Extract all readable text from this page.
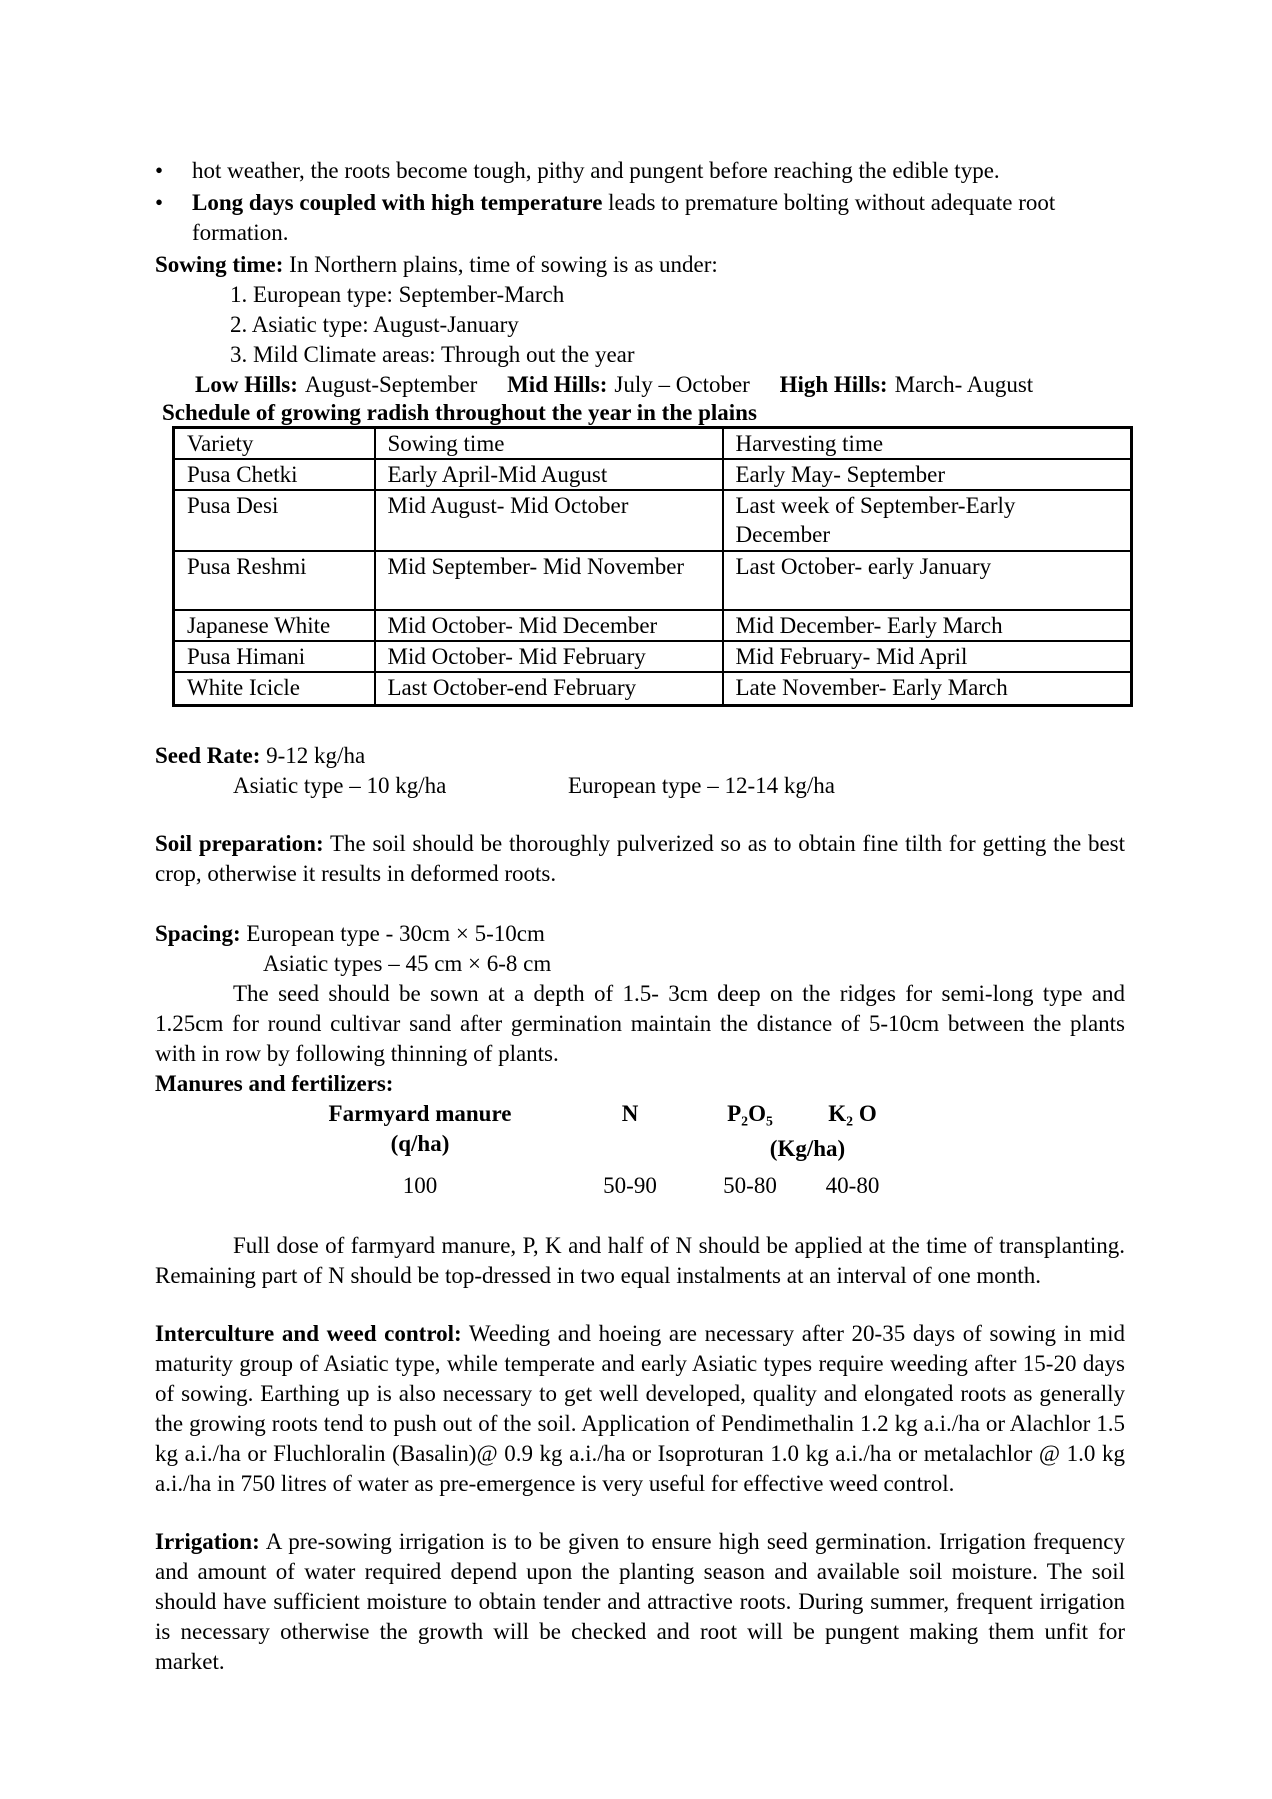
•	hot weather, the roots become tough, pithy and pungent before reaching the edible type.
•	Long days coupled with high temperature leads to premature bolting without adequate root formation.
Sowing time: In Northern plains, time of sowing is as under:
1. European type: September-March
2. Asiatic type: August-January
3. Mild Climate areas: Through out the year
Low Hills: August-September Mid Hills: July – October High Hills: March- August
Schedule of growing radish throughout the year in the plains
Variety	Sowing time	Harvesting time
Pusa Chetki	Early April-Mid August	Early May- September
Pusa Desi	Mid August- Mid October	Last week of September-Early December
Pusa Reshmi	Mid September- Mid November	Last October- early January
Japanese White	Mid October- Mid December	Mid December- Early March
Pusa Himani	Mid October- Mid February	Mid February- Mid April
White Icicle	Last October-end February	Late November- Early March
Seed Rate: 9-12 kg/ha
Asiatic type – 10 kg/ha	European type – 12-14 kg/ha
Soil preparation: The soil should be thoroughly pulverized so as to obtain fine tilth for getting the best crop, otherwise it results in deformed roots.
Spacing: European type - 30cm × 5-10cm
Asiatic types – 45 cm × 6-8 cm
The seed should be sown at a depth of 1.5- 3cm deep on the ridges for semi-long type and 1.25cm for round cultivar sand after germination maintain the distance of 5-10cm between the plants with in row by following thinning of plants.
Manures and fertilizers:
Farmyard manure	N	P₂O₅	K₂ O
(q/ha)	(Kg/ha)
100	50-90	50-80	40-80
Full dose of farmyard manure, P, K and half of N should be applied at the time of transplanting. Remaining part of N should be top-dressed in two equal instalments at an interval of one month.
Interculture and weed control: Weeding and hoeing are necessary after 20-35 days of sowing in mid maturity group of Asiatic type, while temperate and early Asiatic types require weeding after 15-20 days of sowing. Earthing up is also necessary to get well developed, quality and elongated roots as generally the growing roots tend to push out of the soil. Application of Pendimethalin 1.2 kg a.i./ha or Alachlor 1.5 kg a.i./ha or Fluchloralin (Basalin)@ 0.9 kg a.i./ha or Isoproturan 1.0 kg a.i./ha or metalachlor @ 1.0 kg a.i./ha in 750 litres of water as pre-emergence is very useful for effective weed control.
Irrigation: A pre-sowing irrigation is to be given to ensure high seed germination. Irrigation frequency and amount of water required depend upon the planting season and available soil moisture. The soil should have sufficient moisture to obtain tender and attractive roots. During summer, frequent irrigation is necessary otherwise the growth will be checked and root will be pungent making them unfit for market.
